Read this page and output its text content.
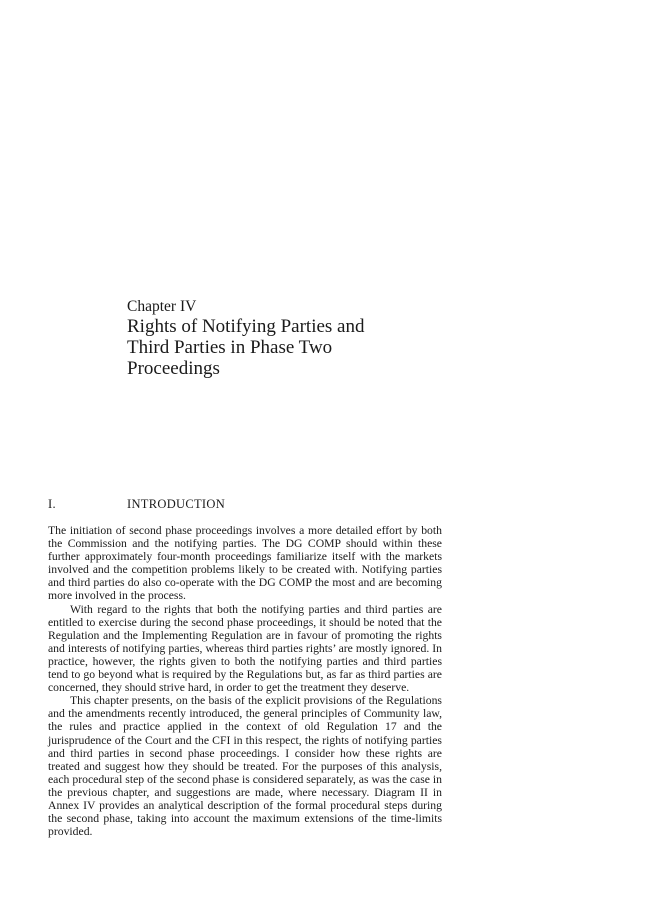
Chapter IV
Rights of Notifying Parties and
Third Parties in Phase Two
Proceedings
I.	INTRODUCTION

The initiation of second phase proceedings involves a more detailed effort by both the Commission and the notifying parties. The DG COMP should within these further approximately four-month proceedings familiarize itself with the markets involved and the competition problems likely to be created with. Notifying parties and third parties do also co-operate with the DG COMP the most and are becoming more involved in the process.

With regard to the rights that both the notifying parties and third parties are entitled to exercise during the second phase proceedings, it should be noted that the Regulation and the Implementing Regulation are in favour of promoting the rights and interests of notifying parties, whereas third parties rights’ are mostly ignored. In practice, however, the rights given to both the notifying parties and third parties tend to go beyond what is required by the Regulations but, as far as third parties are concerned, they should strive hard, in order to get the treatment they deserve.

This chapter presents, on the basis of the explicit provisions of the Regulations and the amendments recently introduced, the general principles of Community law, the rules and practice applied in the context of old Regulation 17 and the jurisprudence of the Court and the CFI in this respect, the rights of notifying parties and third parties in second phase proceedings. I consider how these rights are treated and suggest how they should be treated. For the purposes of this analysis, each procedural step of the second phase is considered separately, as was the case in the previous chapter, and suggestions are made, where necessary. Diagram II in Annex IV provides an analytical description of the formal procedural steps during the second phase, taking into account the maximum extensions of the time-limits provided.
